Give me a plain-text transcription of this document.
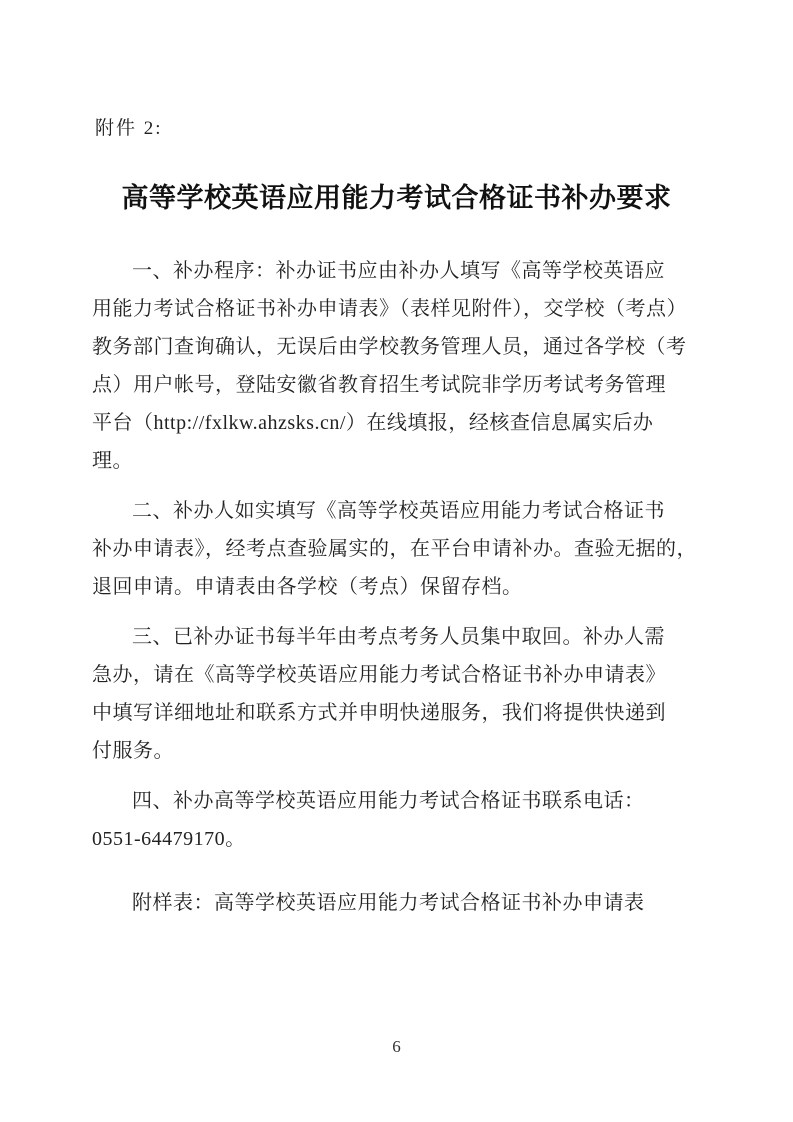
附件 2:
高等学校英语应用能力考试合格证书补办要求
一、补办程序：补办证书应由补办人填写《高等学校英语应
用能力考试合格证书补办申请表》（表样见附件），交学校（考点）
教务部门查询确认，无误后由学校教务管理人员，通过各学校（考
点）用户帐号，登陆安徽省教育招生考试院非学历考试考务管理
平台（http://fxlkw.ahzsks.cn/）在线填报，经核查信息属实后办
理。
二、补办人如实填写《高等学校英语应用能力考试合格证书
补办申请表》，经考点查验属实的，在平台申请补办。查验无据的，
退回申请。申请表由各学校（考点）保留存档。
三、已补办证书每半年由考点考务人员集中取回。补办人需
急办，请在《高等学校英语应用能力考试合格证书补办申请表》
中填写详细地址和联系方式并申明快递服务，我们将提供快递到
付服务。
四、补办高等学校英语应用能力考试合格证书联系电话：
0551-64479170。
附样表：高等学校英语应用能力考试合格证书补办申请表
6
